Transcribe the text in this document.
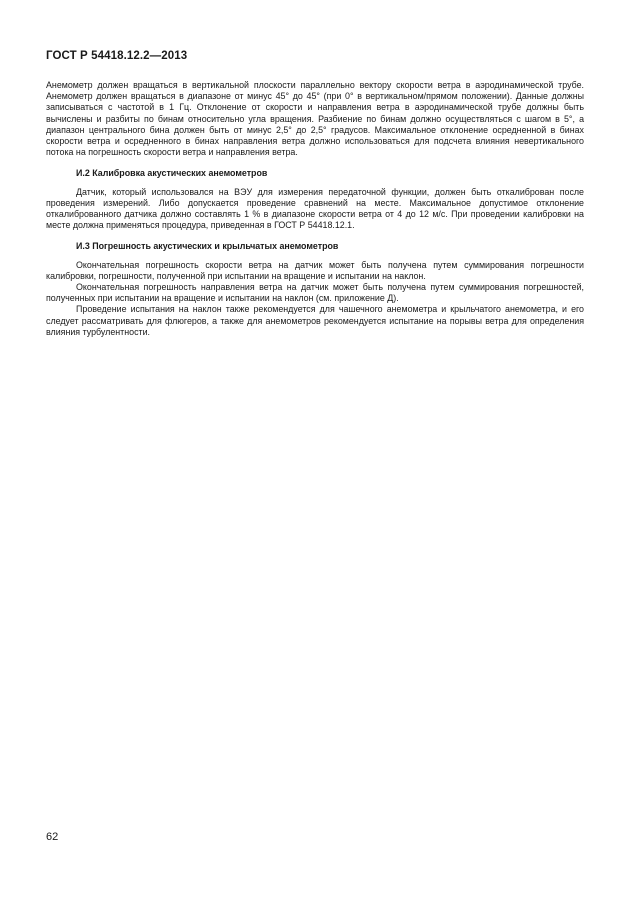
ГОСТ Р 54418.12.2—2013

Анемометр должен вращаться в вертикальной плоскости параллельно вектору скорости ветра в аэродинамической трубе. Анемометр должен вращаться в диапазоне от минус 45° до 45° (при 0° в вертикальном/прямом положении). Данные должны записываться с частотой в 1 Гц. Отклонение от скорости и направления ветра в аэродинамической трубе должны быть вычислены и разбиты по бинам относительно угла вращения. Разбиение по бинам должно осуществляться с шагом в 5°, а диапазон центрального бина должен быть от минус 2,5° до 2,5° градусов. Максимальное отклонение осредненной в бинах скорости ветра и осредненного в бинах направления ветра должно использоваться для подсчета влияния невертикального потока на погрешность скорости ветра и направления ветра.

И.2 Калибровка акустических анемометров

Датчик, который использовался на ВЭУ для измерения передаточной функции, должен быть откалиброван после проведения измерений. Либо допускается проведение сравнений на месте. Максимальное допустимое отклонение откалиброванного датчика должно составлять 1 % в диапазоне скорости ветра от 4 до 12 м/с. При проведении калибровки на месте должна применяться процедура, приведенная в ГОСТ Р 54418.12.1.

И.3 Погрешность акустических и крыльчатых анемометров

Окончательная погрешность скорости ветра на датчик может быть получена путем суммирования погрешности калибровки, погрешности, полученной при испытании на вращение и испытании на наклон.

Окончательная погрешность направления ветра на датчик может быть получена путем суммирования погрешностей, полученных при испытании на вращение и испытании на наклон (см. приложение Д).

Проведение испытания на наклон также рекомендуется для чашечного анемометра и крыльчатого анемометра, и его следует рассматривать для флюгеров, а также для анемометров рекомендуется испытание на порывы ветра для определения влияния турбулентности.

62
